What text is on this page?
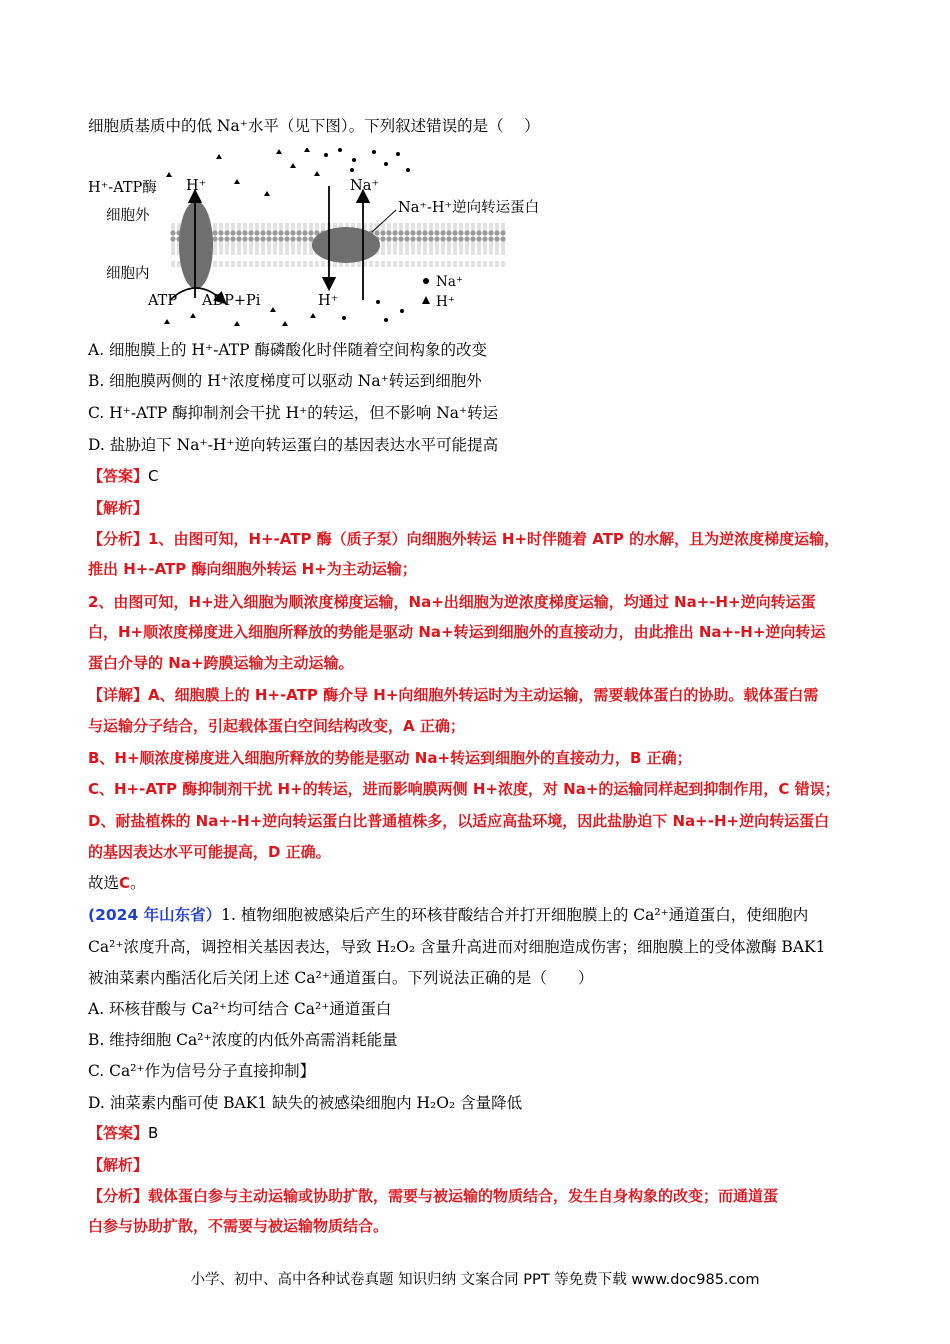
细胞质基质中的低 Na⁺水平（见下图）。下列叙述错误的是（　 ）
H⁺-ATP酶 H⁺	Na⁺
细胞外
细胞内
Na⁺-H⁺逆向转运蛋白
ATP ADP+Pi	H⁺
Na⁺
H⁺
A. 细胞膜上的 H⁺-ATP 酶磷酸化时伴随着空间构象的改变
B. 细胞膜两侧的 H⁺浓度梯度可以驱动 Na⁺转运到细胞外
C. H⁺-ATP 酶抑制剂会干扰 H⁺的转运，但不影响 Na⁺转运
D. 盐胁迫下 Na⁺-H⁺逆向转运蛋白的基因表达水平可能提高
【答案】C
【解析】
【分析】1、由图可知，H+-ATP 酶（质子泵）向细胞外转运 H+时伴随着 ATP 的水解，且为逆浓度梯度运输，
推出 H+-ATP 酶向细胞外转运 H+为主动运输；
2、由图可知，H+进入细胞为顺浓度梯度运输，Na+出细胞为逆浓度梯度运输，均通过 Na+-H+逆向转运蛋
白，H+顺浓度梯度进入细胞所释放的势能是驱动 Na+转运到细胞外的直接动力，由此推出 Na+-H+逆向转运
蛋白介导的 Na+跨膜运输为主动运输。
【详解】A、细胞膜上的 H+-ATP 酶介导 H+向细胞外转运时为主动运输，需要载体蛋白的协助。载体蛋白需
与运输分子结合，引起载体蛋白空间结构改变，A 正确；
B、H+顺浓度梯度进入细胞所释放的势能是驱动 Na+转运到细胞外的直接动力，B 正确；
C、H+-ATP 酶抑制剂干扰 H+的转运，进而影响膜两侧 H+浓度，对 Na+的运输同样起到抑制作用，C 错误；
D、耐盐植株的 Na+-H+逆向转运蛋白比普通植株多，以适应高盐环境，因此盐胁迫下 Na+-H+逆向转运蛋白
的基因表达水平可能提高，D 正确。
故选C。
(2024 年山东省）1. 植物细胞被感染后产生的环核苷酸结合并打开细胞膜上的 Ca²⁺通道蛋白，使细胞内
Ca²⁺浓度升高，调控相关基因表达，导致 H₂O₂ 含量升高进而对细胞造成伤害；细胞膜上的受体激酶 BAK1
被油菜素内酯活化后关闭上述 Ca²⁺通道蛋白。下列说法正确的是（　　）
A. 环核苷酸与 Ca²⁺均可结合 Ca²⁺通道蛋白
B. 维持细胞 Ca²⁺浓度的内低外高需消耗能量
C. Ca²⁺作为信号分子直接抑制】
D. 油菜素内酯可使 BAK1 缺失的被感染细胞内 H₂O₂ 含量降低
【答案】B
【解析】
【分析】载体蛋白参与主动运输或协助扩散，需要与被运输的物质结合，发生自身构象的改变；而通道蛋
白参与协助扩散，不需要与被运输物质结合。
小学、初中、高中各种试卷真题 知识归纳 文案合同 PPT 等免费下载 www.doc985.com
